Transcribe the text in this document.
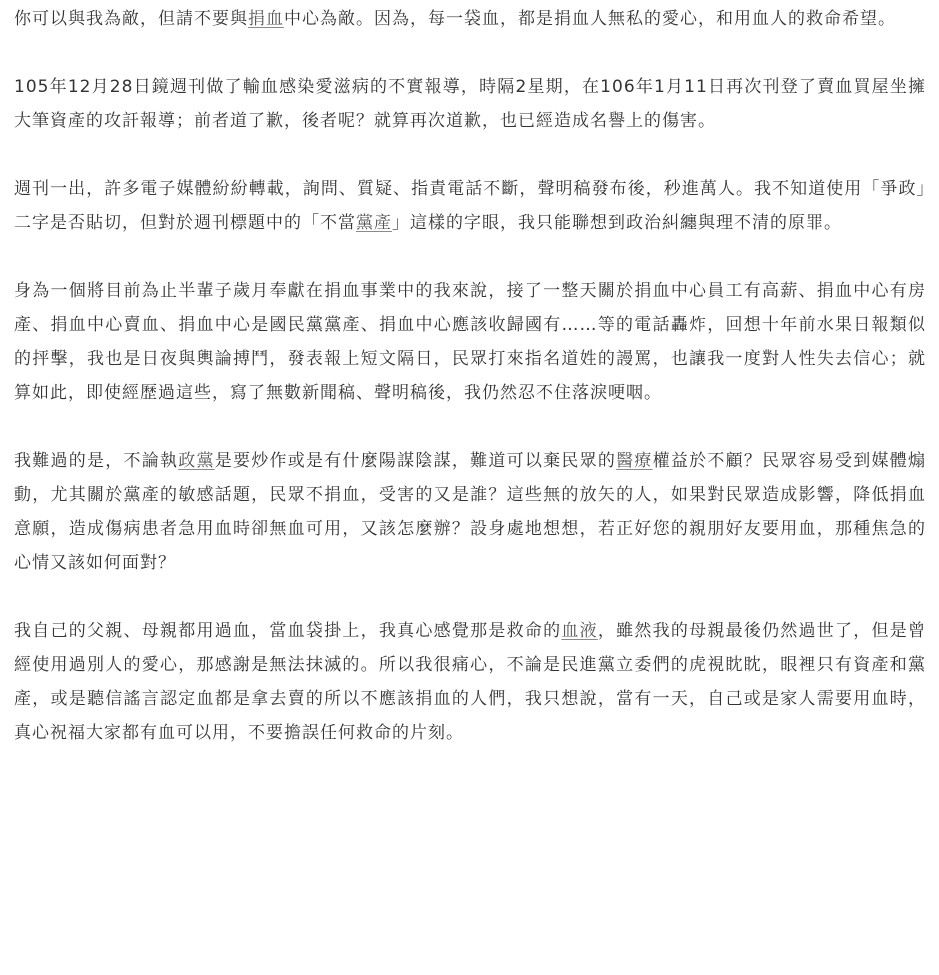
你可以與我為敵，但請不要與捐血中心為敵。因為，每一袋血，都是捐血人無私的愛心，和用血人的救命希望。

105年12月28日鏡週刊做了輸血感染愛滋病的不實報導，時隔2星期，在106年1月11日再次刊登了賣血買屋坐擁大筆資產的攻訐報導；前者道了歉，後者呢？就算再次道歉，也已經造成名譽上的傷害。

週刊一出，許多電子媒體紛紛轉載，詢問、質疑、指責電話不斷，聲明稿發布後，秒進萬人。我不知道使用「爭政」二字是否貼切，但對於週刊標題中的「不當黨產」這樣的字眼，我只能聯想到政治糾纏與理不清的原罪。

身為一個將目前為止半輩子歲月奉獻在捐血事業中的我來說，接了一整天關於捐血中心員工有高薪、捐血中心有房產、捐血中心賣血、捐血中心是國民黨黨產、捐血中心應該收歸國有……等的電話轟炸，回想十年前水果日報類似的抨擊，我也是日夜與輿論搏鬥，發表報上短文隔日，民眾打來指名道姓的謾罵，也讓我一度對人性失去信心；就算如此，即使經歷過這些，寫了無數新聞稿、聲明稿後，我仍然忍不住落淚哽咽。

我難過的是，不論執政黨是要炒作或是有什麼陽謀陰謀，難道可以棄民眾的醫療權益於不顧？民眾容易受到媒體煽動，尤其關於黨產的敏感話題，民眾不捐血，受害的又是誰？這些無的放矢的人，如果對民眾造成影響，降低捐血意願，造成傷病患者急用血時卻無血可用，又該怎麼辦？設身處地想想，若正好您的親朋好友要用血，那種焦急的心情又該如何面對？

我自己的父親、母親都用過血，當血袋掛上，我真心感覺那是救命的血液，雖然我的母親最後仍然過世了，但是曾經使用過別人的愛心，那感謝是無法抹滅的。所以我很痛心，不論是民進黨立委們的虎視眈眈，眼裡只有資產和黨產，或是聽信謠言認定血都是拿去賣的所以不應該捐血的人們，我只想說，當有一天，自己或是家人需要用血時，真心祝福大家都有血可以用，不要擔誤任何救命的片刻。
